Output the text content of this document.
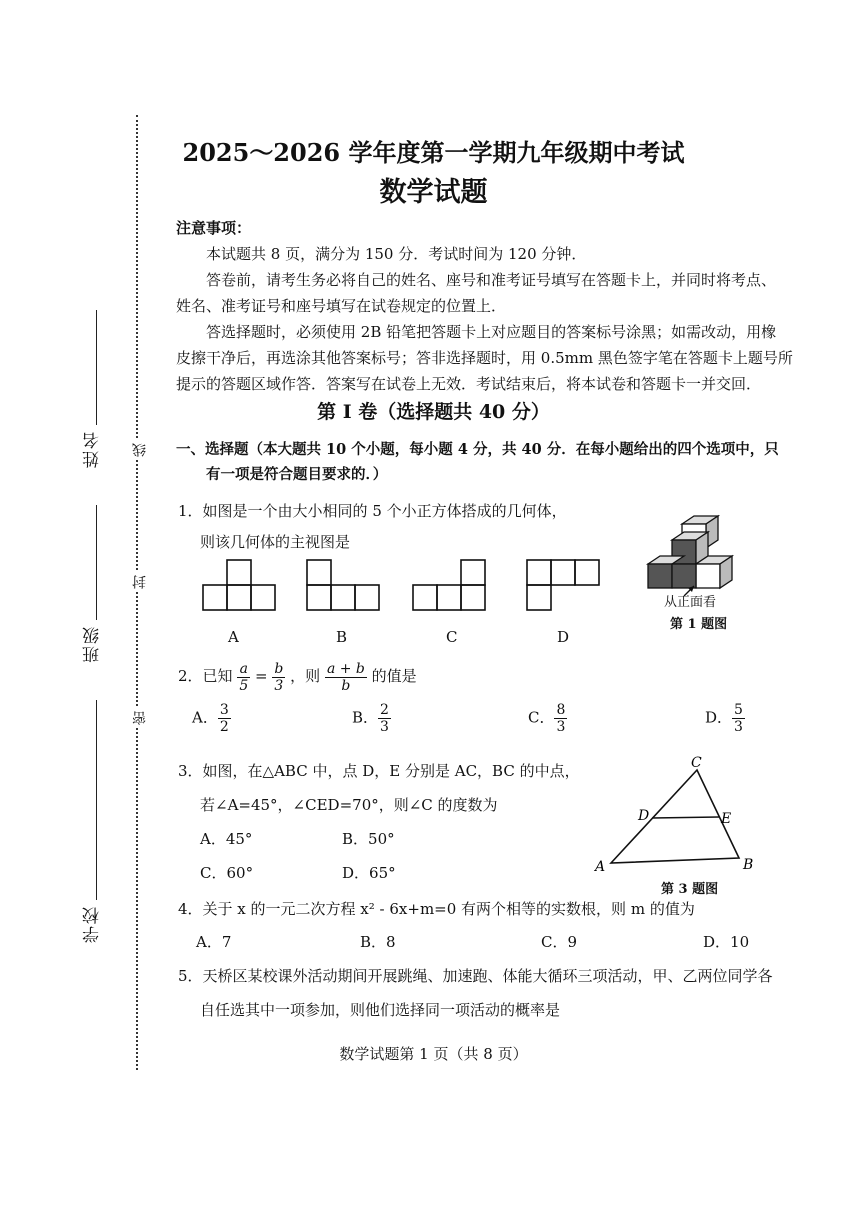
线
封
密
姓名
班级
学校
2025～2026 学年度第一学期九年级期中考试
数学试题
注意事项：
本试题共 8 页，满分为 150 分．考试时间为 120 分钟．
答卷前，请考生务必将自己的姓名、座号和准考证号填写在答题卡上，并同时将考点、
姓名、准考证号和座号填写在试卷规定的位置上．
答选择题时，必须使用 2B 铅笔把答题卡上对应题目的答案标号涂黑；如需改动，用橡
皮擦干净后，再选涂其他答案标号；答非选择题时，用 0.5mm 黑色签字笔在答题卡上题号所
提示的答题区域作答．答案写在试卷上无效．考试结束后，将本试卷和答题卡一并交回．
第 I 卷（选择题共 40 分）
一、选择题（本大题共 10 个小题，每小题 4 分，共 40 分．在每小题给出的四个选项中，只
有一项是符合题目要求的．）
1．如图是一个由大小相同的 5 个小正方体搭成的几何体，
则该几何体的主视图是
A	B	C	D
从正面看
第 1 题图
2．已知 $\frac{a}{5} = \frac{b}{3}$ ，则 $\frac{a + b}{b}$ 的值是
A． $\frac{3}{2}$	B． $\frac{2}{3}$	C． $\frac{8}{3}$	D． $\frac{5}{3}$
3．如图，在△ABC 中，点 D，E 分别是 AC，BC 的中点，
若∠A=45°，∠CED=70°，则∠C 的度数为
A．45°	B．50°
C．60°	D．65°
C
D	E
A	B
第 3 题图
4．关于 x 的一元二次方程 x² - 6x+m=0 有两个相等的实数根，则 m 的值为
A．7	B．8	C．9	D．10
5．天桥区某校课外活动期间开展跳绳、加速跑、体能大循环三项活动，甲、乙两位同学各
自任选其中一项参加，则他们选择同一项活动的概率是
数学试题第 1 页（共 8 页）
